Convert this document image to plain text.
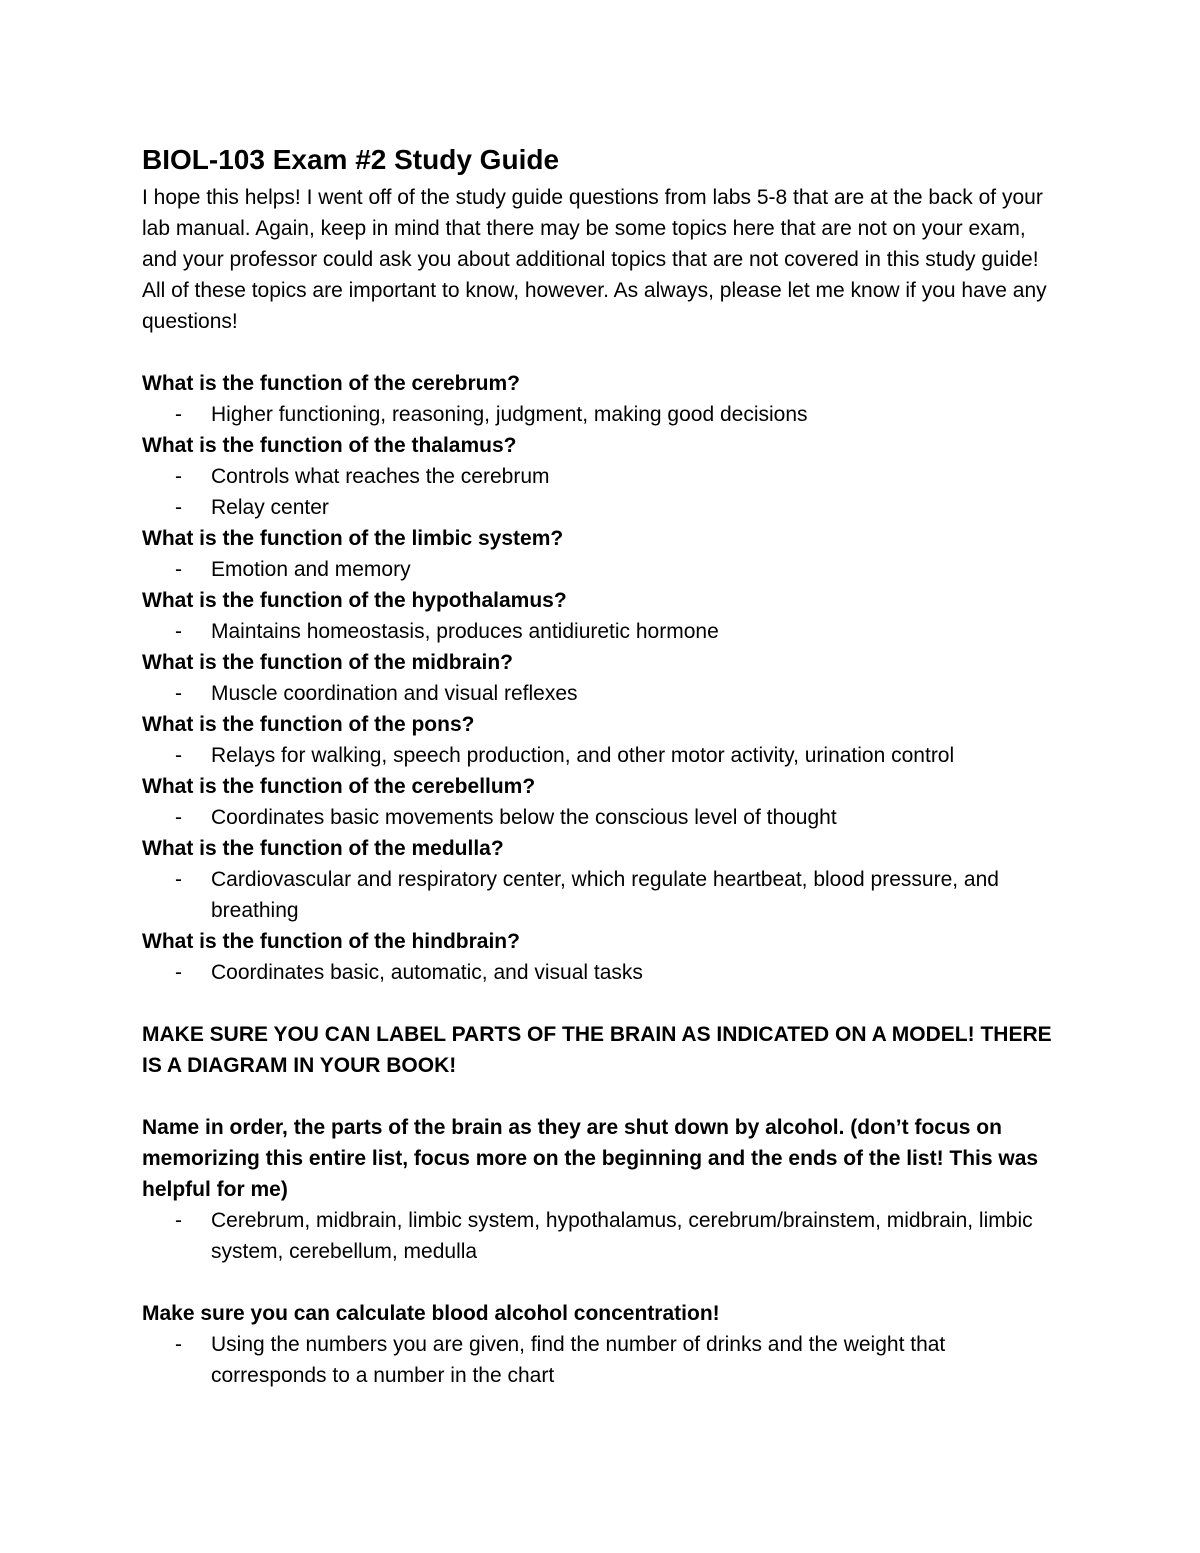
BIOL-103 Exam #2 Study Guide

I hope this helps! I went off of the study guide questions from labs 5-8 that are at the back of your lab manual. Again, keep in mind that there may be some topics here that are not on your exam, and your professor could ask you about additional topics that are not covered in this study guide! All of these topics are important to know, however. As always, please let me know if you have any questions!

What is the function of the cerebrum?

- Higher functioning, reasoning, judgment, making good decisions

What is the function of the thalamus?

- Controls what reaches the cerebrum
- Relay center

What is the function of the limbic system?

- Emotion and memory

What is the function of the hypothalamus?

- Maintains homeostasis, produces antidiuretic hormone

What is the function of the midbrain?

- Muscle coordination and visual reflexes

What is the function of the pons?

- Relays for walking, speech production, and other motor activity, urination control

What is the function of the cerebellum?

- Coordinates basic movements below the conscious level of thought

What is the function of the medulla?

- Cardiovascular and respiratory center, which regulate heartbeat, blood pressure, and breathing

What is the function of the hindbrain?

- Coordinates basic, automatic, and visual tasks

MAKE SURE YOU CAN LABEL PARTS OF THE BRAIN AS INDICATED ON A MODEL! THERE IS A DIAGRAM IN YOUR BOOK!

Name in order, the parts of the brain as they are shut down by alcohol. (don’t focus on memorizing this entire list, focus more on the beginning and the ends of the list! This was helpful for me)

- Cerebrum, midbrain, limbic system, hypothalamus, cerebrum/brainstem, midbrain, limbic system, cerebellum, medulla

Make sure you can calculate blood alcohol concentration!

- Using the numbers you are given, find the number of drinks and the weight that corresponds to a number in the chart
